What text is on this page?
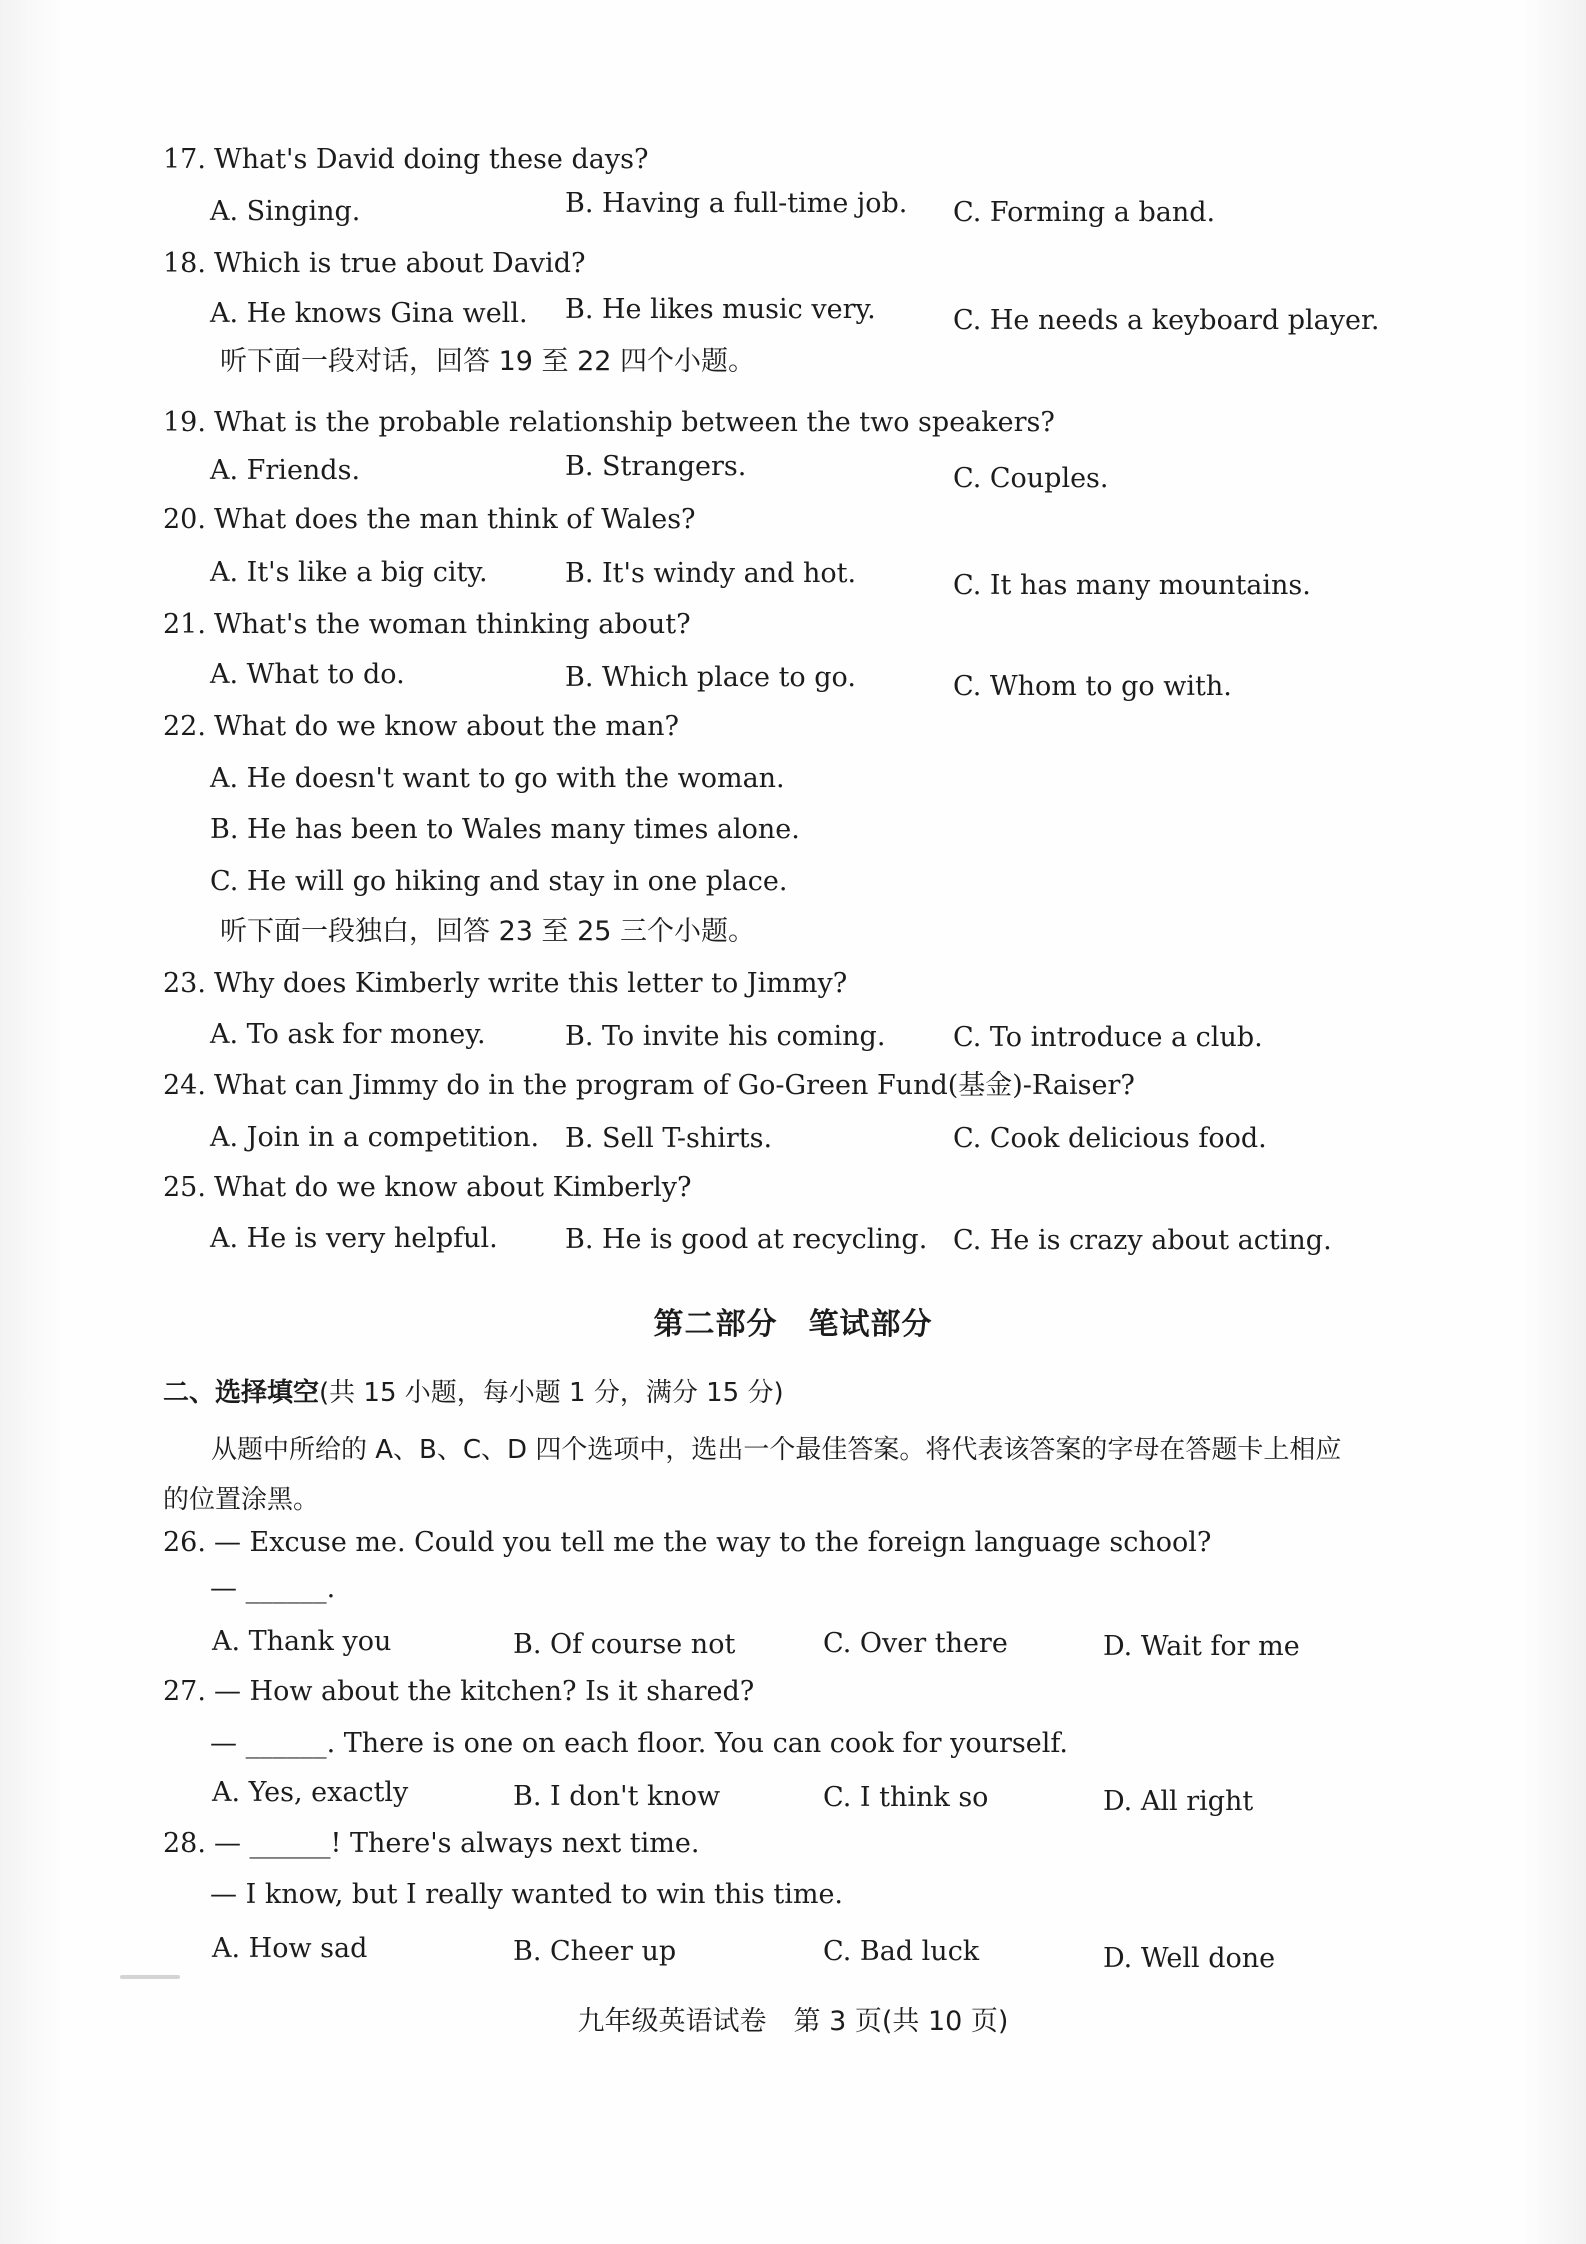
17. What's David doing these days?
A. Singing.	B. Having a full-time job. C. Forming a band.
18. Which is true about David?
A. He knows Gina well. B. He likes music very.	C. He needs a keyboard player.
听下面一段对话，回答 19 至 22 四个小题。
19. What is the probable relationship between the two speakers?
A. Friends.	B. Strangers.	C. Couples.
20. What does the man think of Wales?
A. It's like a big city.	B. It's windy and hot.	C. It has many mountains.
21. What's the woman thinking about?
A. What to do.	B. Which place to go.	C. Whom to go with.
22. What do we know about the man?
A. He doesn't want to go with the woman.
B. He has been to Wales many times alone.
C. He will go hiking and stay in one place.
听下面一段独白，回答 23 至 25 三个小题。
23. Why does Kimberly write this letter to Jimmy?
A. To ask for money.	B. To invite his coming.	C. To introduce a club.
24. What can Jimmy do in the program of Go-Green Fund(基金)-Raiser?
A. Join in a competition. B. Sell T-shirts.	C. Cook delicious food.
25. What do we know about Kimberly?
A. He is very helpful. B. He is good at recycling. C. He is crazy about acting.
第二部分　笔试部分
二、选择填空(共 15 小题，每小题 1 分，满分 15 分)
从题中所给的 A、B、C、D 四个选项中，选出一个最佳答案。将代表该答案的字母在答题卡上相应的位置涂黑。
26. — Excuse me. Could you tell me the way to the foreign language school?
— ______.
A. Thank you	B. Of course not	C. Over there	D. Wait for me
27. — How about the kitchen? Is it shared?
— ______. There is one on each floor. You can cook for yourself.
A. Yes, exactly	B. I don't know	C. I think so	D. All right
28. — ______! There's always next time.
— I know, but I really wanted to win this time.
A. How sad	B. Cheer up	C. Bad luck	D. Well done
九年级英语试卷　第 3 页(共 10 页)
